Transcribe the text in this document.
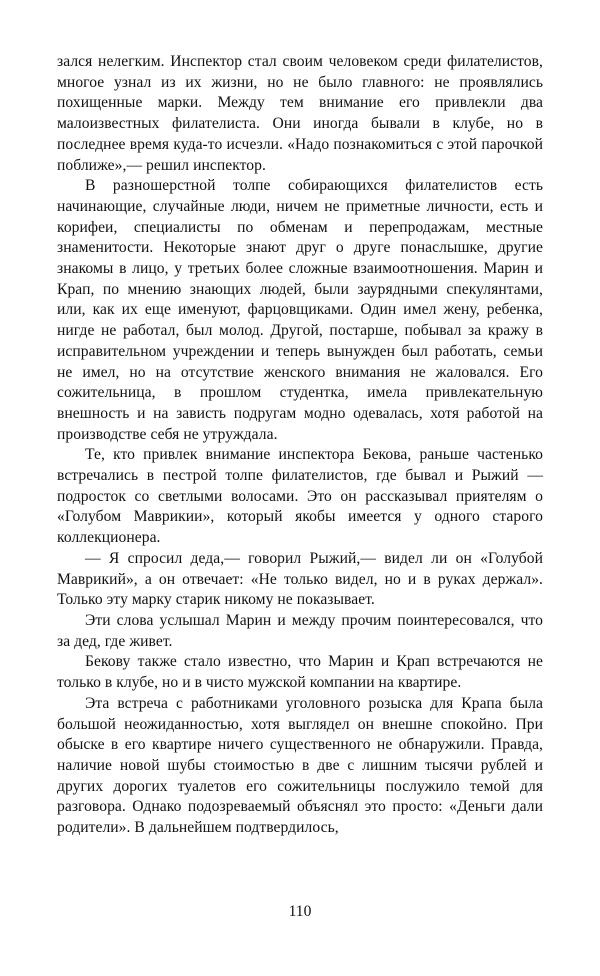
зался нелегким. Инспектор стал своим человеком среди филателистов, многое узнал из их жизни, но не было главного: не проявлялись похищенные марки. Между тем внимание его привлекли два малоизвестных филателиста. Они иногда бывали в клубе, но в последнее время куда-то исчезли. «Надо познакомиться с этой парочкой поближе»,— решил инспектор.

В разношерстной толпе собирающихся филателистов есть начинающие, случайные люди, ничем не приметные личности, есть и корифеи, специалисты по обменам и перепродажам, местные знаменитости. Некоторые знают друг о друге понаслышке, другие знакомы в лицо, у третьих более сложные взаимоотношения. Марин и Крап, по мнению знающих людей, были заурядными спекулянтами, или, как их еще именуют, фарцовщиками. Один имел жену, ребенка, нигде не работал, был молод. Другой, постарше, побывал за кражу в исправительном учреждении и теперь вынужден был работать, семьи не имел, но на отсутствие женского внимания не жаловался. Его сожительница, в прошлом студентка, имела привлекательную внешность и на зависть подругам модно одевалась, хотя работой на производстве себя не утруждала.

Те, кто привлек внимание инспектора Бекова, раньше частенько встречались в пестрой толпе филателистов, где бывал и Рыжий — подросток со светлыми волосами. Это он рассказывал приятелям о «Голубом Маврикии», который якобы имеется у одного старого коллекционера.

— Я спросил деда,— говорил Рыжий,— видел ли он «Голубой Маврикий», а он отвечает: «Не только видел, но и в руках держал». Только эту марку старик никому не показывает.

Эти слова услышал Марин и между прочим поинтересовался, что за дед, где живет.

Бекову также стало известно, что Марин и Крап встречаются не только в клубе, но и в чисто мужской компании на квартире.

Эта встреча с работниками уголовного розыска для Крапа была большой неожиданностью, хотя выглядел он внешне спокойно. При обыске в его квартире ничего существенного не обнаружили. Правда, наличие новой шубы стоимостью в две с лишним тысячи рублей и других дорогих туалетов его сожительницы послужило темой для разговора. Однако подозреваемый объяснял это просто: «Деньги дали родители». В дальнейшем подтвердилось,

110
